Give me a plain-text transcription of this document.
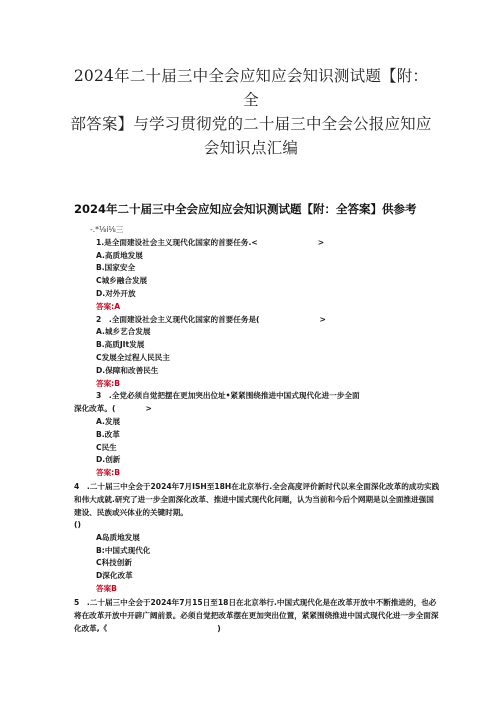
2024年二十届三中全会应知应会知识测试题【附：全
部答案】与学习贯彻党的二十届三中全会公报应知应
会知识点汇编
2024年二十届三中全会应知应会知识测试题【附：全答案】供参考
-.*⅛i⅛三
1.是全面建设社会主义现代化国家的首要任务.<	>
A.高质地发展
B.国家安全
C城乡融合发展
D.对外开放
答案:A
2　.全面建设社会主义现代化国家的首要任务是(	>
A.城乡艺合发展
B.高质JIt发展
C发展全过程人民民主
D.保障和改善民生
答案:B
3　.全党必须自觉把摆在更加突出位址•紧紧围绕推进中国式现代化进一步全面
深化改革。(	>
A.发展
B.改革
C民生
D.创新
答案:B
4　.二十届三中全会于2024年7月ISH至18H在北京举行.全会高度评价新时代以来全面深化改革的成功实践和伟大成就.研究了进一步全面深化改革、推进中国式现代化问题，认为当前和今后个网期是以全面推进强国建设、民族或兴体业的关键时期。
()
A岛质地发展
B:中国式现代化
C科技创新
D深化改革
答案B
5　.二十届三中全会于2024年7月15日至18日在北京举行.中国式现代化是在改革开放中不断推进的，也必将在改革开放中开辟广阔前景。必须自觉把改革摆在更加突出位置，紧紧围绕推进中国式现代化进一步全面深化改革,《	)
